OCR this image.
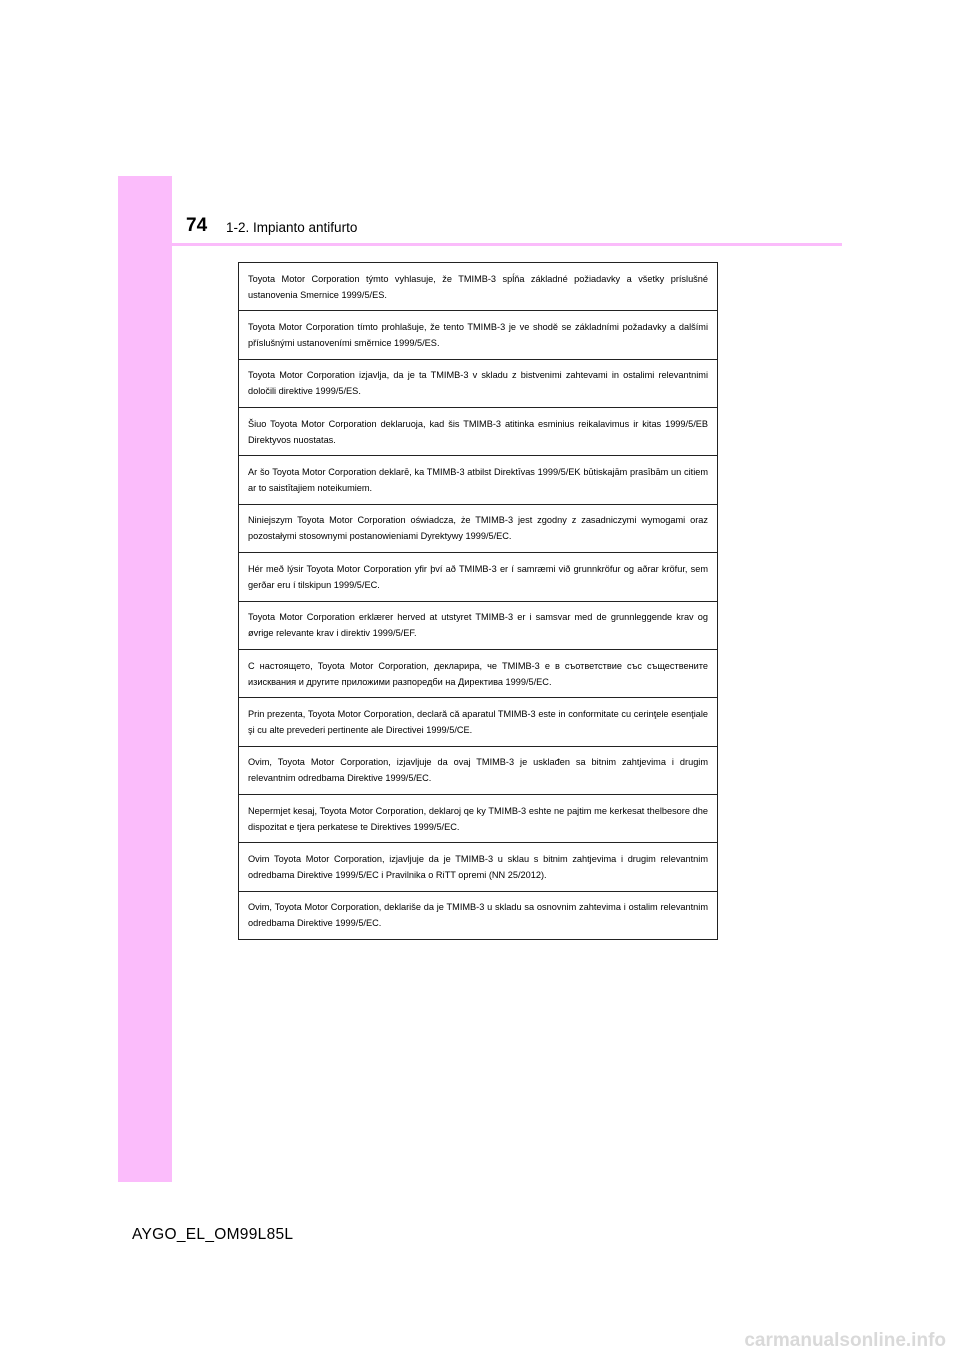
74 1-2. Impianto antifurto
Toyota Motor Corporation týmto vyhlasuje, že TMIMB-3 spĺňa základné požiadavky a všetky príslušné ustanovenia Smernice 1999/5/ES.
Toyota Motor Corporation tímto prohlašuje, že tento TMIMB-3 je ve shodě se základními požadavky a dalšími příslušnými ustanoveními směrnice 1999/5/ES.
Toyota Motor Corporation izjavlja, da je ta TMIMB-3 v skladu z bistvenimi zahtevami in ostalimi relevantnimi določili direktive 1999/5/ES.
Šiuo Toyota Motor Corporation deklaruoja, kad šis TMIMB-3 atitinka esminius reikalavimus ir kitas 1999/5/EB Direktyvos nuostatas.
Ar šo Toyota Motor Corporation deklarē, ka TMIMB-3 atbilst Direktīvas 1999/5/EK būtiskajām prasībām un citiem ar to saistītajiem noteikumiem.
Niniejszym Toyota Motor Corporation oświadcza, że TMIMB-3 jest zgodny z zasadniczymi wymogami oraz pozostałymi stosownymi postanowieniami Dyrektywy 1999/5/EC.
Hér með lýsir Toyota Motor Corporation yfir því að TMIMB-3 er í samræmi við grunnkröfur og aðrar kröfur, sem gerðar eru í tilskipun 1999/5/EC.
Toyota Motor Corporation erklærer herved at utstyret TMIMB-3 er i samsvar med de grunnleggende krav og øvrige relevante krav i direktiv 1999/5/EF.
С настоящето, Toyota Motor Corporation, декларира, че TMIMB-3 е в съответствие със съществените изисквания и другите приложими разпоредби на Директива 1999/5/ЕС.
Prin prezenta, Toyota Motor Corporation, declară că aparatul TMIMB-3 este in conformitate cu cerinţele esenţiale şi cu alte prevederi pertinente ale Directivei 1999/5/CE.
Ovim, Toyota Motor Corporation, izjavljuje da ovaj TMIMB-3 je usklađen sa bitnim zahtjevima i drugim relevantnim odredbama Direktive 1999/5/EC.
Nepermjet kesaj, Toyota Motor Corporation, deklaroj qe ky TMIMB-3 eshte ne pajtim me kerkesat thelbesore dhe dispozitat e tjera perkatese te Direktives 1999/5/EC.
Ovim Toyota Motor Corporation, izjavljuje da je TMIMB-3 u sklau s bitnim zahtjevima i drugim relevantnim odredbama Direktive 1999/5/EC i Pravilnika o RiTT opremi (NN 25/2012).
Ovim, Toyota Motor Corporation, deklariše da je TMIMB-3 u skladu sa osnovnim zahtevima i ostalim relevantnim odredbama Direktive 1999/5/EC.
AYGO_EL_OM99L85L
carmanualsonline.info
